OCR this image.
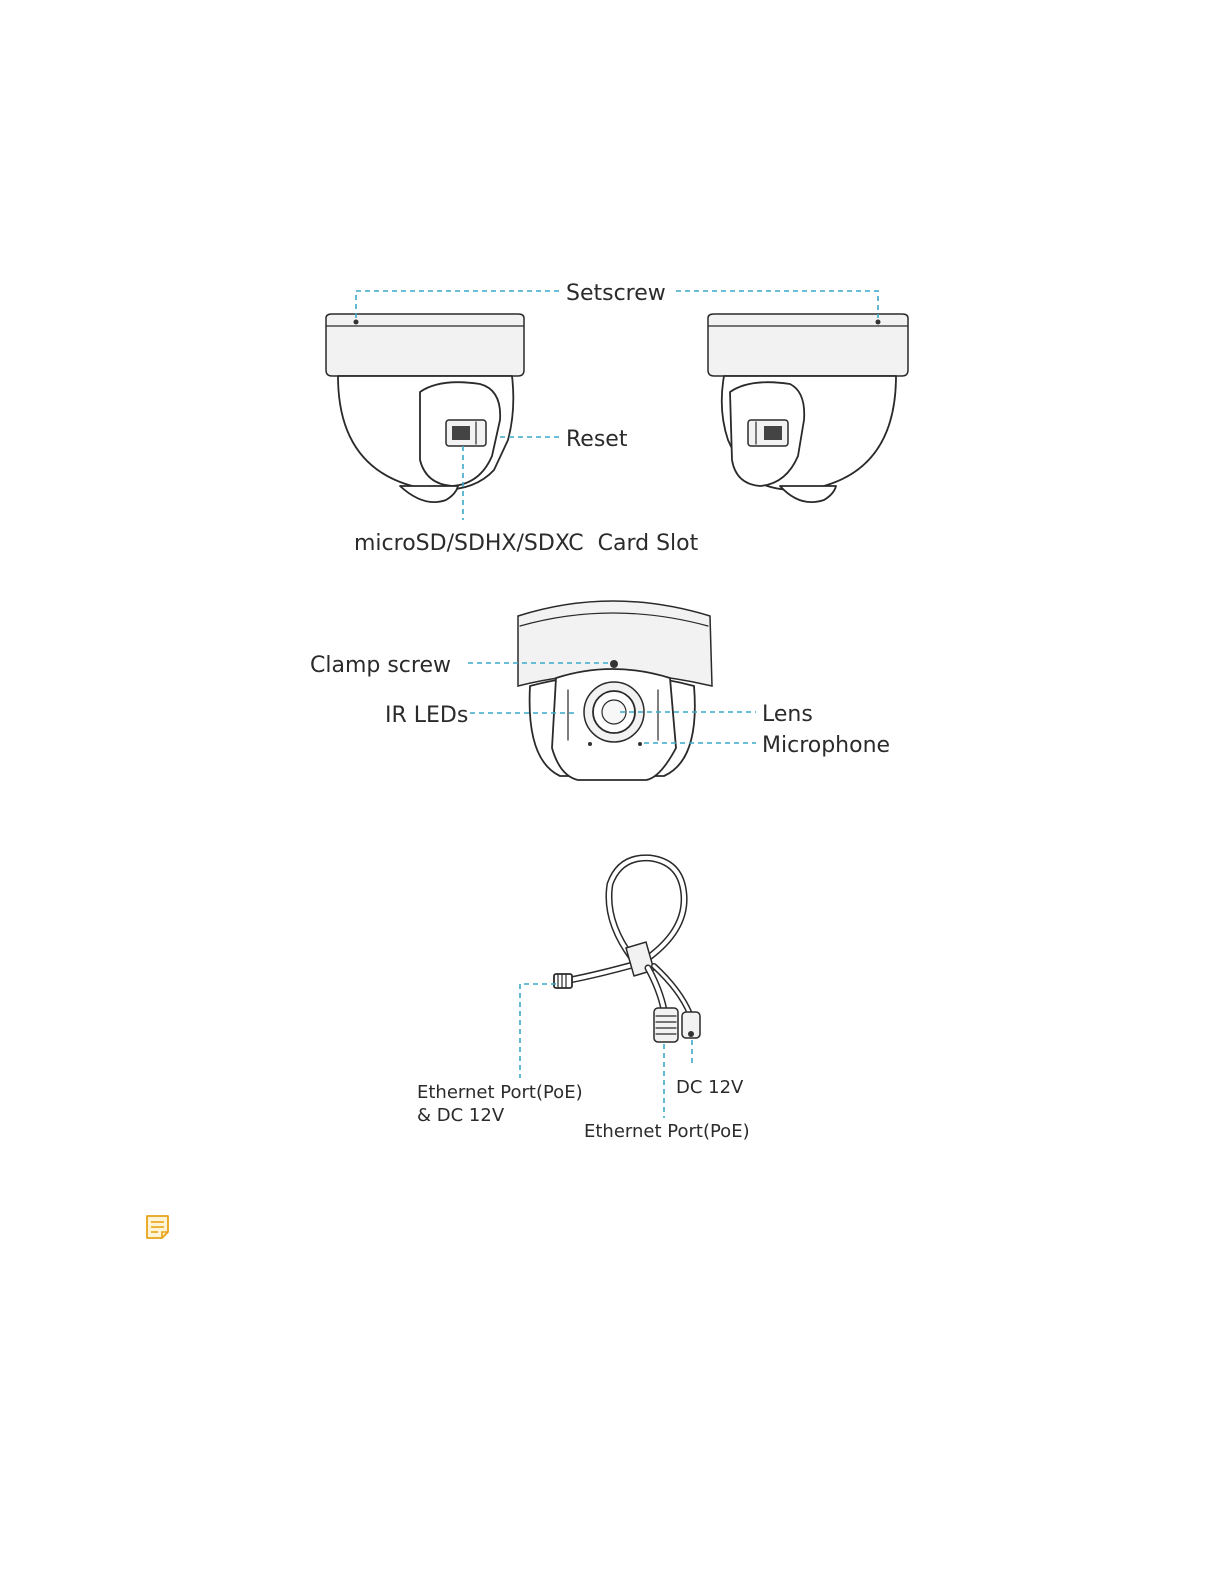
Setscrew
Reset
microSD/SDHX/SDXC  Card Slot
Clamp screw
IR LEDs	Lens
Microphone
Ethernet Port(PoE)
& DC 12V
DC 12V
Ethernet Port(PoE)
